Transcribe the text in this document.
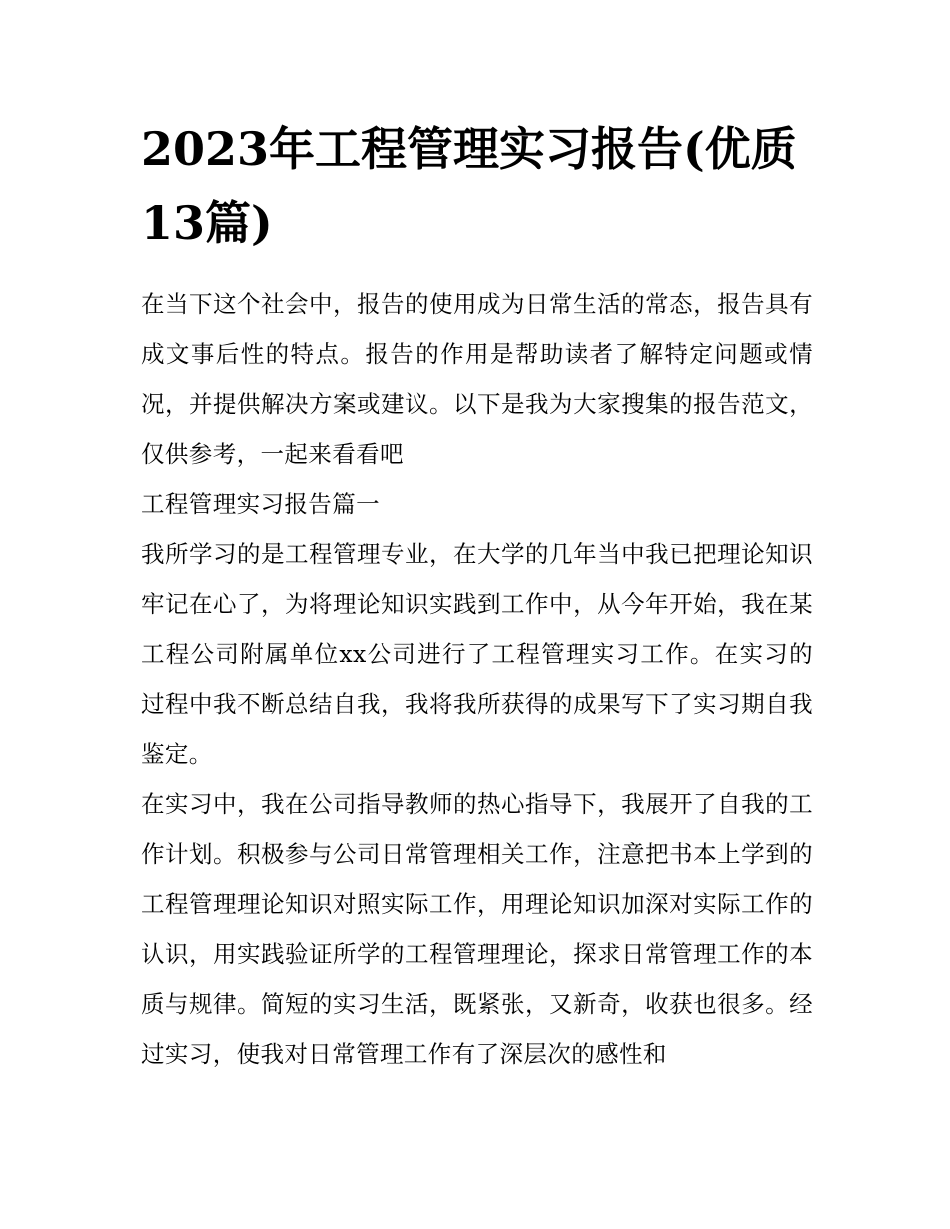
2023年工程管理实习报告(优质13篇)

在当下这个社会中，报告的使用成为日常生活的常态，报告具有成文事后性的特点。报告的作用是帮助读者了解特定问题或情况，并提供解决方案或建议。以下是我为大家搜集的报告范文，仅供参考，一起来看看吧

工程管理实习报告篇一

我所学习的是工程管理专业，在大学的几年当中我已把理论知识牢记在心了，为将理论知识实践到工作中，从今年开始，我在某工程公司附属单位xx公司进行了工程管理实习工作。在实习的过程中我不断总结自我，我将我所获得的成果写下了实习期自我鉴定。

在实习中，我在公司指导教师的热心指导下，我展开了自我的工作计划。积极参与公司日常管理相关工作，注意把书本上学到的工程管理理论知识对照实际工作，用理论知识加深对实际工作的认识，用实践验证所学的工程管理理论，探求日常管理工作的本质与规律。简短的实习生活，既紧张，又新奇，收获也很多。经过实习，使我对日常管理工作有了深层次的感性和
